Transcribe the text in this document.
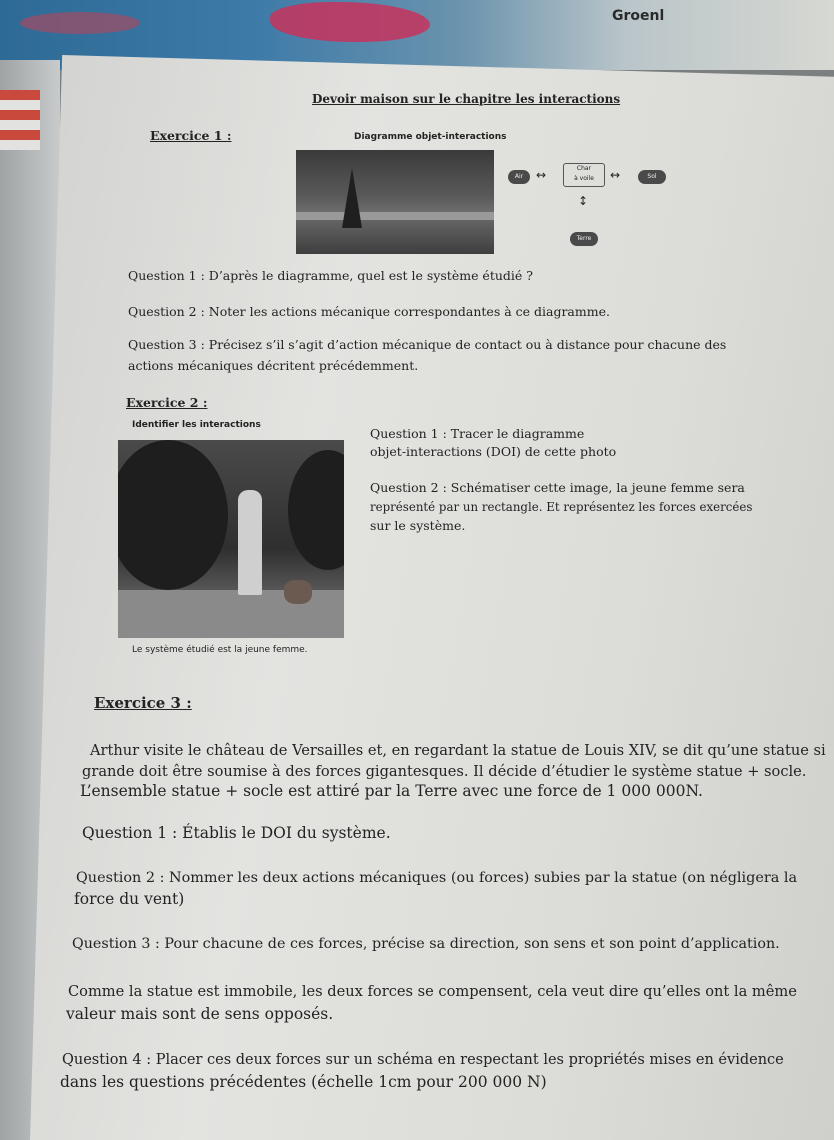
Groenl
Devoir maison sur le chapitre les interactions
Exercice 1 :	Diagramme objet-interactions
Air	↔	Char
à voile	↔	Sol
↕
Terre
Question 1 : D’après le diagramme, quel est le système étudié ?
Question 2 : Noter les actions mécanique correspondantes à ce diagramme.
Question 3 : Précisez s’il s’agit d’action mécanique de contact ou à distance pour chacune des
actions mécaniques décritent précédemment.
Exercice 2 :
Identifier les interactions
Le système étudié est la jeune femme.
Question 1 : Tracer le diagramme
objet-interactions (DOI) de cette photo
Question 2 : Schématiser cette image, la jeune femme sera
représenté par un rectangle. Et représentez les forces exercées
sur le système.
Exercice 3 :
Arthur visite le château de Versailles et, en regardant la statue de Louis XIV, se dit qu’une statue si
grande doit être soumise à des forces gigantesques. Il décide d’étudier le système statue + socle.
L’ensemble statue + socle est attiré par la Terre avec une force de 1 000 000N.
Question 1 : Établis le DOI du système.
Question 2 : Nommer les deux actions mécaniques (ou forces) subies par la statue (on négligera la
force du vent)
Question 3 : Pour chacune de ces forces, précise sa direction, son sens et son point d’application.
Comme la statue est immobile, les deux forces se compensent, cela veut dire qu’elles ont la même
valeur mais sont de sens opposés.
Question 4 : Placer ces deux forces sur un schéma en respectant les propriétés mises en évidence
dans les questions précédentes (échelle 1cm pour 200 000 N)
